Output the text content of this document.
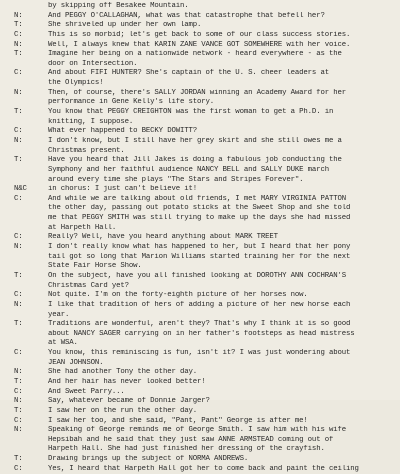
by skipping off Besakee Mountain.
N:	And PEGGY O'CALLAGHAN, what was that catastrophe that befell her?
T:	She shriveled up under her own lamp.
C:	This is so morbid; let's get back to some of our class success stories.
N:	Well, I always knew that KARIN ZANE VANCE GOT SOMEWHERE with her voice.
T:	Imagine her being on a nationwide network - heard everywhere - as the
door on Intersection.
C:	And about FIFI HUNTER? She's captain of the U. S. cheer leaders at
the Olympics!
N:	Then, of course, there's SALLY JORDAN winning an Academy Award for her
performance in Gene Kelly's life story.
T:	You know that PEGGY CREIGHTON was the first woman to get a Ph.D. in
knitting, I suppose.
C:	What ever happened to BECKY DOWITT?
N:	I don't know, but I still have her grey skirt and she still owes me a
Christmas present.
T:	Have you heard that Jill Jakes is doing a fabulous job conducting the
Symphony and her faithful audience NANCY BELL and SALLY DUKE march
around every time she plays "The Stars and Stripes Forever".
N&C	in chorus: I just can't believe it!
C:	And while we are talking about old friends, I met MARY VIRGINIA PATTON
the other day, passing out potato sticks at the Sweet Shop and she told
me that PEGGY SMITH was still trying to make up the days she had missed
at Harpeth Hall.
C:	Really? Well, have you heard anything about MARK TREET
N:	I don't really know what has happened to her, but I heard that her pony
tail got so long that Marion Williams started training her for the next
State Fair Horse Show.
T:	On the subject, have you all finished looking at DOROTHY ANN COCHRAN'S
Christmas Card yet?
C:	Not quite. I'm on the forty-eighth picture of her horses now.
N:	I like that tradition of hers of adding a picture of her new horse each
year.
T:	Traditions are wonderful, aren't they? That's why I think it is so good
about NANCY SAGER carrying on in her father's footsteps as head mistress
at WSA.
C:	You know, this reminiscing is fun, isn't it? I was just wondering about
JEAN JOHNSON.
N:	She had another Tony the other day.
T:	And her hair has never looked better!
C:	And Sweet Parry...
N:	Say, whatever became of Donnie Jarger?
T:	I saw her on the run the other day.
C:	I saw her too, and she said, "Pant, Pant" George is after me!
N:	Speaking of George reminds me of George Smith. I saw him with his wife
Hepsibah and he said that they just saw ANNE ARMSTEAD coming out of
Harpeth Hall. She had just finished her dressing of the crayfish.
T:	Drawing brings up the subject of NORMA ANDREWS.
C:	Yes, I heard that Harpeth Hall got her to come back and paint the ceiling
